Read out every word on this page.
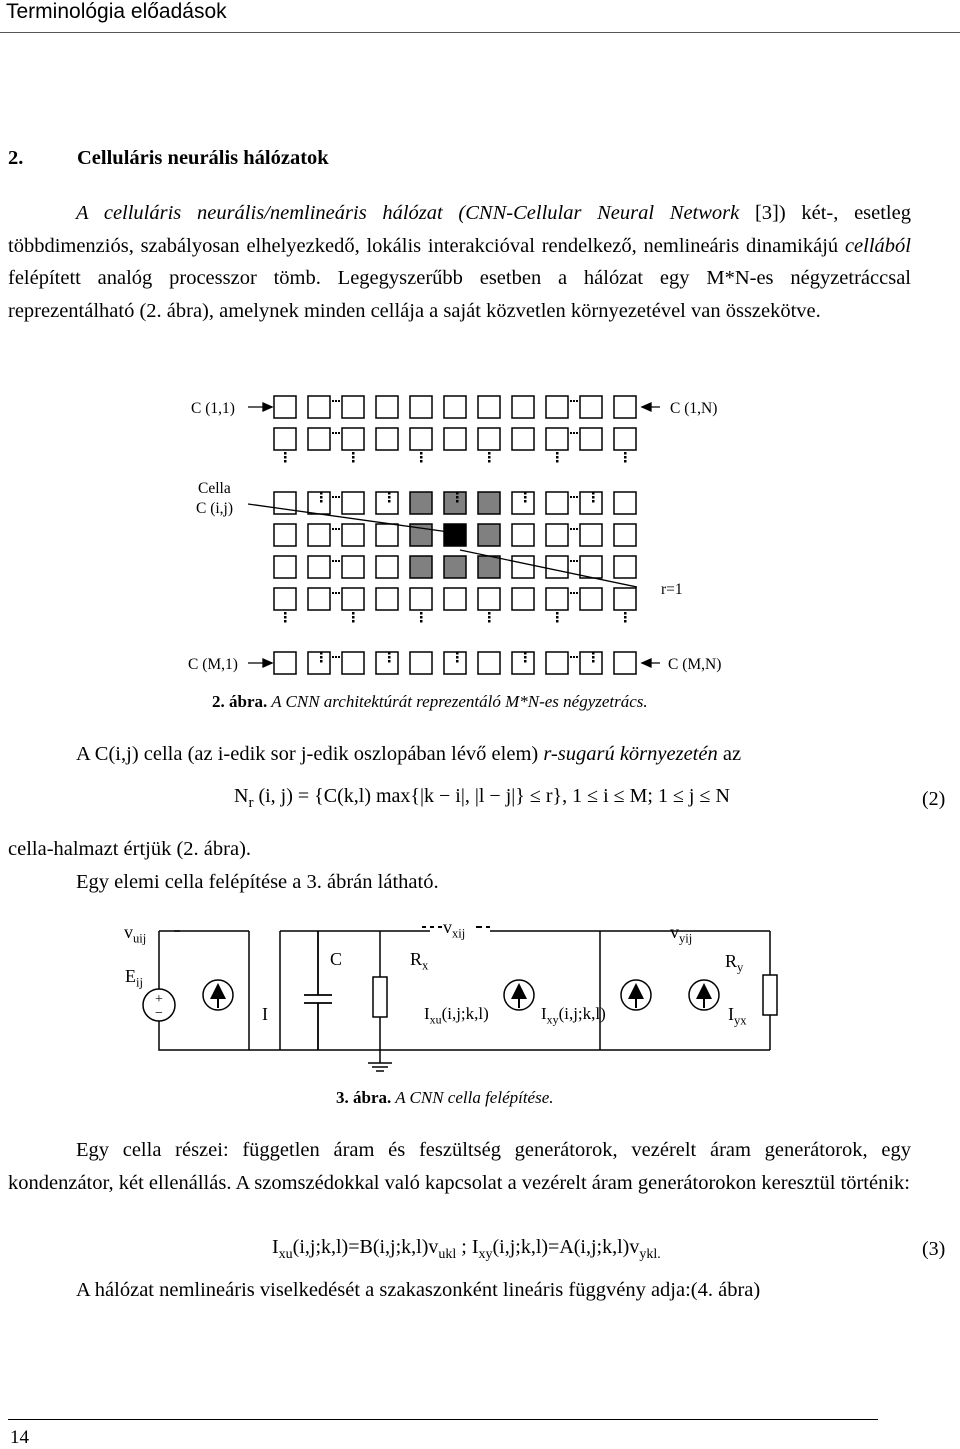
Terminológia előadások
2.	Celluláris neurális hálózatok
A celluláris neurális/nemlineáris hálózat (CNN-Cellular Neural Network [3]) két-, esetleg többdimenziós, szabályosan elhelyezkedő, lokális interakcióval rendelkező, nemlineáris dinamikájú cellából felépített analóg processzor tömb. Legegyszerűbb esetben a hálózat egy M*N-es négyzetráccsal reprezentálható (2. ábra), amelynek minden cellája a saját közvetlen környezetével van összekötve.
C (1,1)	C (1,N)
Cella
C (i,j)
r=1
C (M,1)	C (M,N)
2. ábra. A CNN architektúrát reprezentáló M*N-es négyzetrács.
A C(i,j) cella (az i-edik sor j-edik oszlopában lévő elem) r-sugarú környezetén az
$N_r$ (i, j) = {C(k,l) max{|k − i|, |l − j|} ≤ r}, 1 ≤ i ≤ M; 1 ≤ j ≤ N	(2)
cella-halmazt értjük (2. ábra).
Egy elemi cella felépítése a 3. ábrán látható.
+
−
$v_{uij}$
$E_{ij}$
I
C
$v_{xij}$
$R_x$
$I_{xu}(i,j;k,l)$	$I_{xy}(i,j;k,l)$
$v_{yij}$
$R_y$
$I_{yx}$
3. ábra. A CNN cella felépítése.
Egy cella részei: független áram és feszültség generátorok, vezérelt áram generátorok, egy kondenzátor, két ellenállás. A szomszédokkal való kapcsolat a vezérelt áram generátorokon keresztül történik:
$I_{xu}(i,j;k,l)=B(i,j;k,l)v_{ukl}$ ; $I_{xy}(i,j;k,l)=A(i,j;k,l)v_{ykl.}$	(3)
A hálózat nemlineáris viselkedését a szakaszonként lineáris függvény adja:(4. ábra)
14
